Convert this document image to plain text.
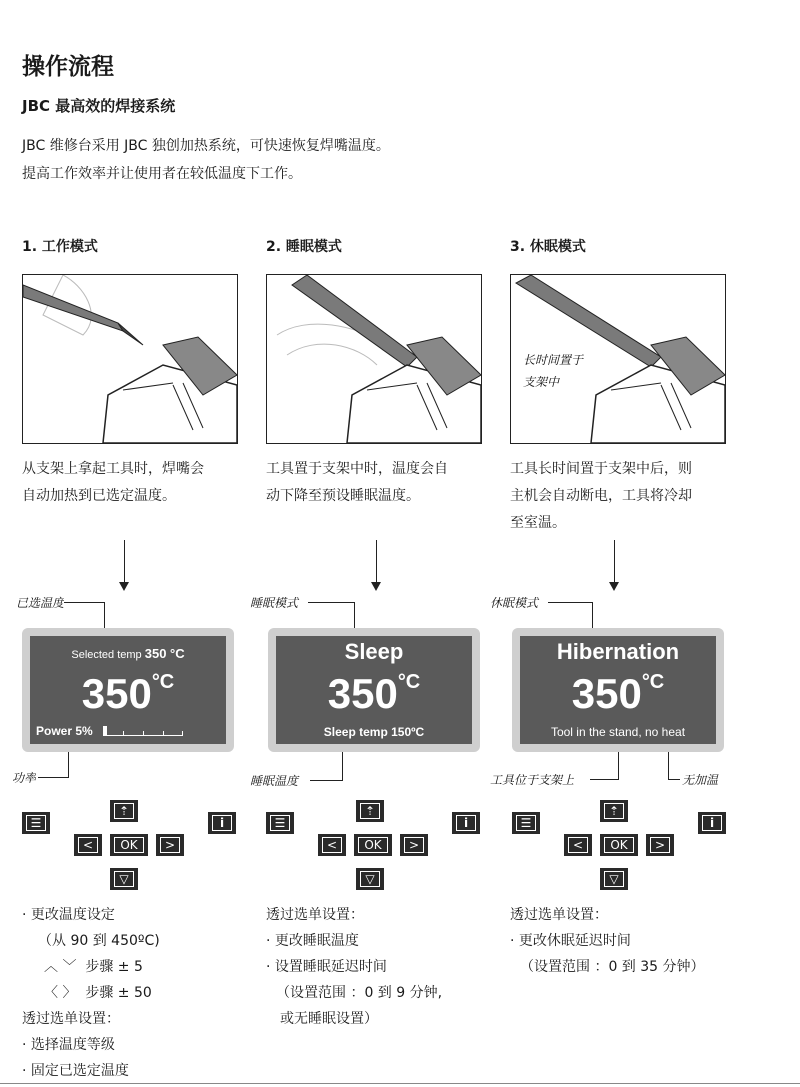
操作流程
JBC 最高效的焊接系统
JBC 维修台采用 JBC 独创加热系统，可快速恢复焊嘴温度。
提高工作效率并让使用者在较低温度下工作。
1. 工作模式
从支架上拿起工具时，焊嘴会
自动加热到已选定温度。
已选温度
Selected temp 350 °C
$350^{^\circ C}$
Power 5%
功率
☰	i
⇡
<	OK	>
▽
· 更改温度设定
（从 90 到 450ºC)
︿ ﹀ 步骤 ± 5
〈 〉 步骤 ± 50
透过选单设置：
· 选择温度等级
· 固定已选定温度
2. 睡眠模式
工具置于支架中时，温度会自
动下降至预设睡眠温度。
睡眠模式
Sleep
$350^{^\circ C}$
Sleep temp 150ºC
睡眠温度
☰	i
⇡
<	OK	>
▽
透过选单设置：
· 更改睡眠温度
· 设置睡眠延迟时间
（设置范围 ：0 到 9 分钟,
或无睡眠设置）
3. 休眠模式
长时间置于
支架中
工具长时间置于支架中后，则
主机会自动断电，工具将冷却
至室温。
休眠模式
Hibernation
$350^{^\circ C}$
Tool in the stand, no heat
工具位于支架上	无加温
☰	i
⇡
<	OK	>
▽
透过选单设置：
· 更改休眠延迟时间
（设置范围 ：0 到 35 分钟）
